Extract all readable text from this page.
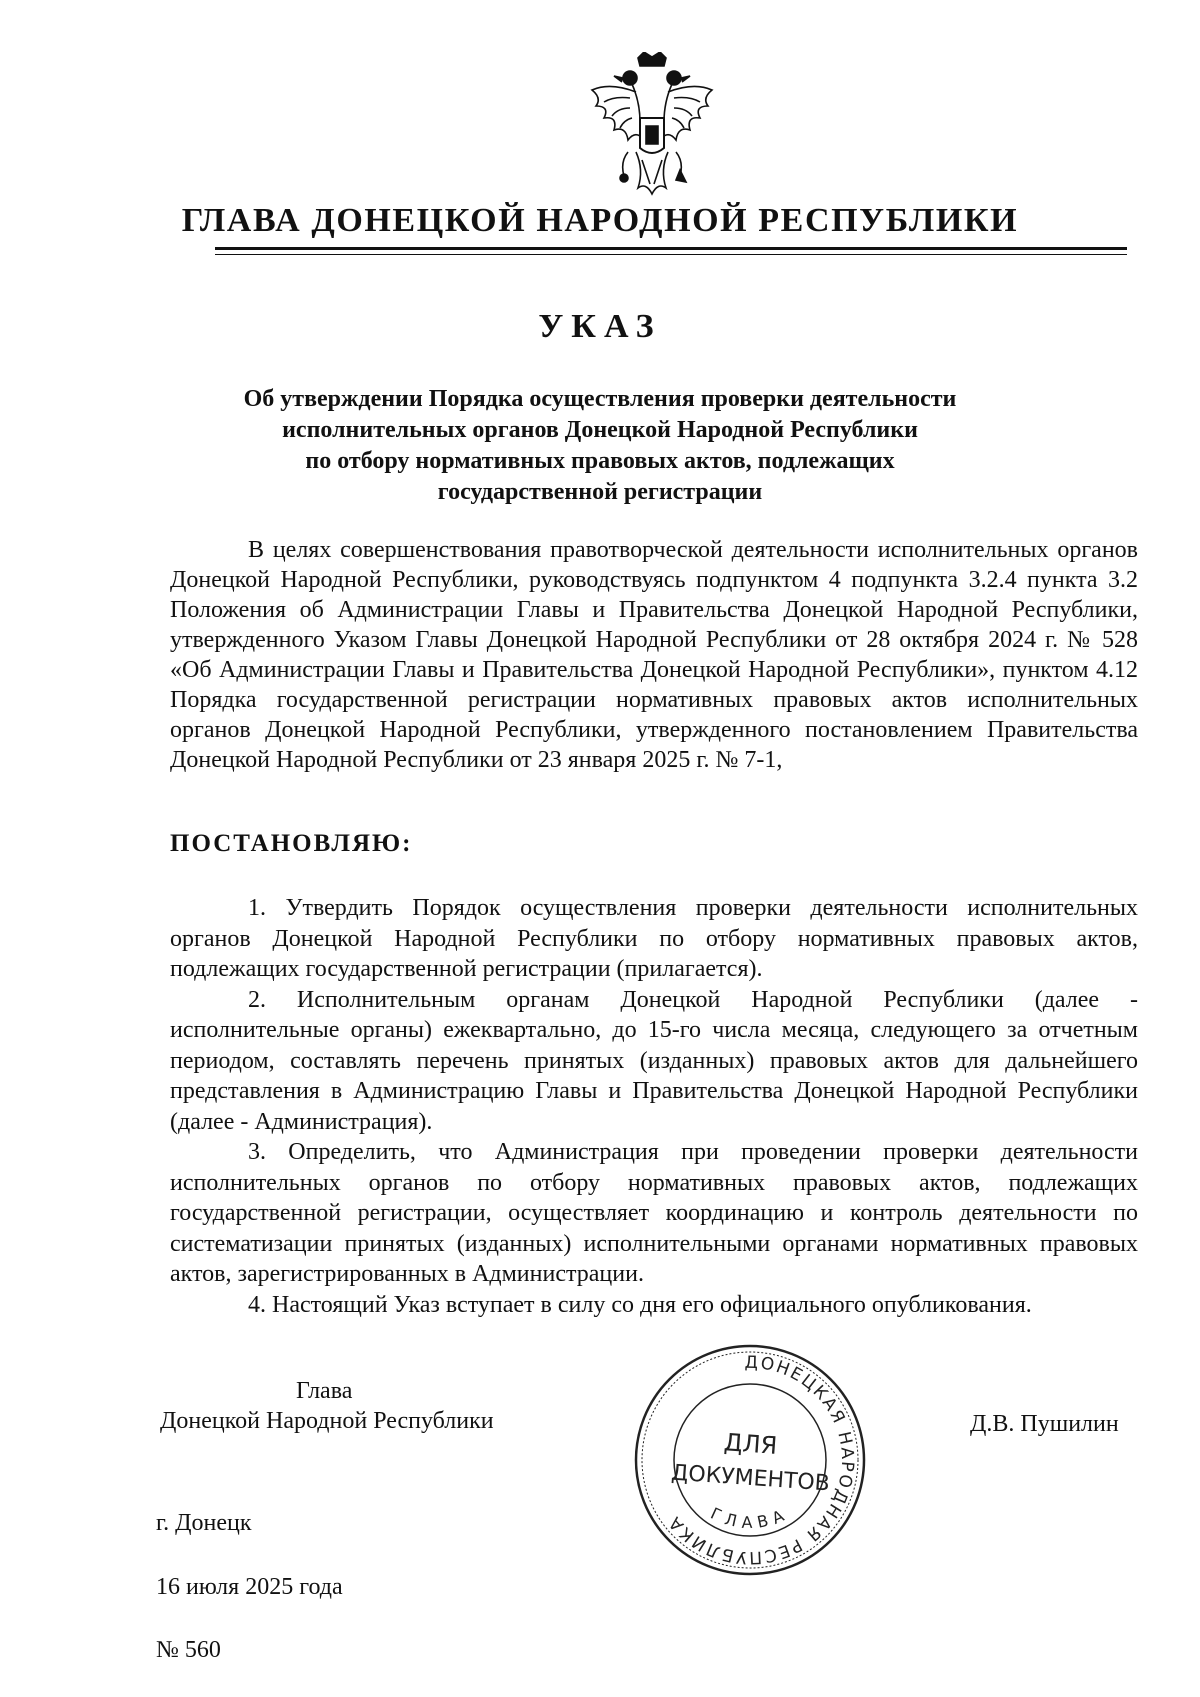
ГЛАВА ДОНЕЦКОЙ НАРОДНОЙ РЕСПУБЛИКИ
УКАЗ
Об утверждении Порядка осуществления проверки деятельности
исполнительных органов Донецкой Народной Республики
по отбору нормативных правовых актов, подлежащих
государственной регистрации
В целях совершенствования правотворческой деятельности исполнительных органов Донецкой Народной Республики, руководствуясь подпунктом 4 подпункта 3.2.4 пункта 3.2 Положения об Администрации Главы и Правительства Донецкой Народной Республики, утвержденного Указом Главы Донецкой Народной Республики от 28 октября 2024 г. № 528 «Об Администрации Главы и Правительства Донецкой Народной Республики», пунктом 4.12 Порядка государственной регистрации нормативных правовых актов исполнительных органов Донецкой Народной Республики, утвержденного постановлением Правительства Донецкой Народной Республики от 23 января 2025 г. № 7-1,
ПОСТАНОВЛЯЮ:

1. Утвердить Порядок осуществления проверки деятельности исполнительных органов Донецкой Народной Республики по отбору нормативных правовых актов, подлежащих государственной регистрации (прилагается).

2. Исполнительным органам Донецкой Народной Республики (далее - исполнительные органы) ежеквартально, до 15-го числа месяца, следующего за отчетным периодом, составлять перечень принятых (изданных) правовых актов для дальнейшего представления в Администрацию Главы и Правительства Донецкой Народной Республики (далее - Администрация).

3. Определить, что Администрация при проведении проверки деятельности исполнительных органов по отбору нормативных правовых актов, подлежащих государственной регистрации, осуществляет координацию и контроль деятельности по систематизации принятых (изданных) исполнительными органами нормативных правовых актов, зарегистрированных в Администрации.

4. Настоящий Указ вступает в силу со дня его официального опубликования.

Глава
Донецкой Народной Республики	Д.В. Пушилин
г. Донецк
16 июля 2025 года
№ 560
ДОНЕЦКАЯ НАРОДНАЯ РЕСПУБЛИКА	ГЛАВА
ДЛЯ
ДОКУМЕНТОВ
